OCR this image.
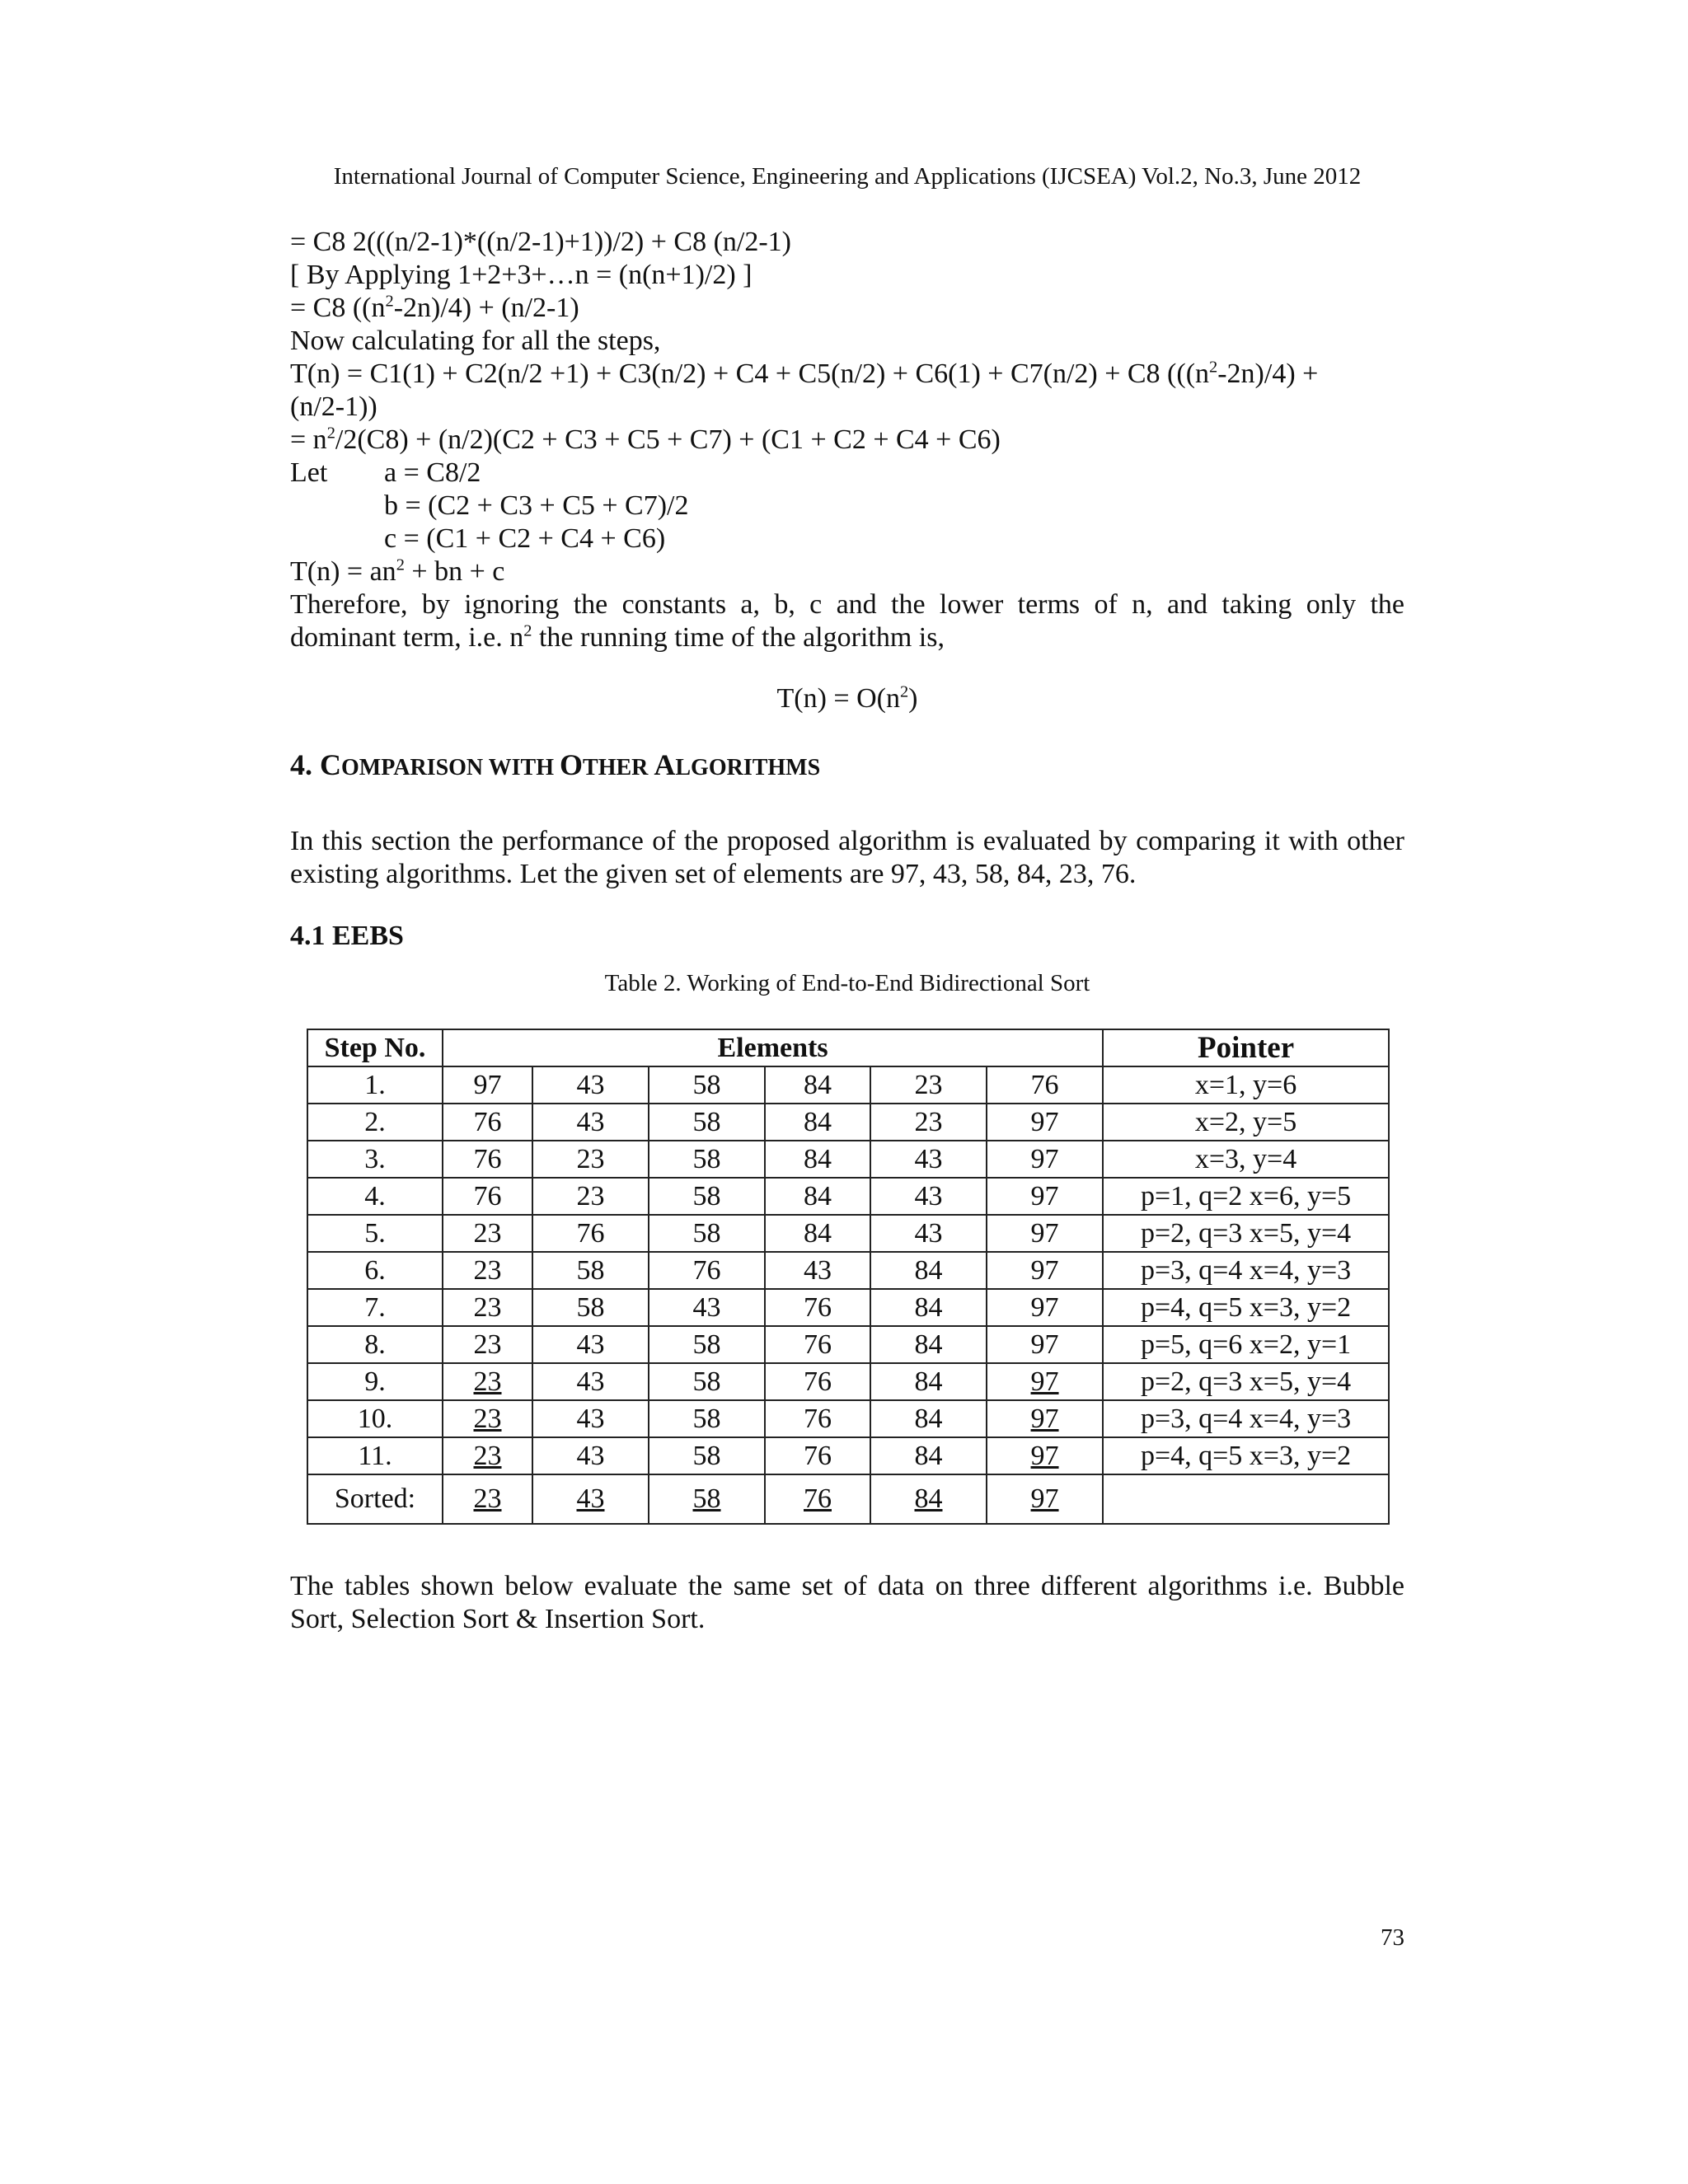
International Journal of Computer Science, Engineering and Applications (IJCSEA) Vol.2, No.3, June 2012
= C8 2(((n/2-1)*((n/2-1)+1))/2) + C8 (n/2-1)
[ By Applying 1+2+3+…n = (n(n+1)/2) ]
= C8 $((n^2-2n)/4) + (n/2-1)$
Now calculating for all the steps,
T(n) = C1(1) + C2(n/2 +1) + C3(n/2) + C4 + C5(n/2) + C6(1) + C7(n/2) + C8 ($((n^2-2n)/4)$ +
(n/2-1))
= $n^2/2(C8) + (n/2)(C2 + C3 + C5 + C7) + (C1 + C2 + C4 + C6)$
Let	a = C8/2
b = (C2 + C3 + C5 + C7)/2
c = (C1 + C2 + C4 + C6)
$T(n) = an^2$ + bn + c
Therefore, by ignoring the constants a, b, c and the lower terms of n, and taking only the
dominant term, i.e. $n^2$ the running time of the algorithm is,
$T(n) = O(n^2)$
4. COMPARISON WITH OTHER ALGORITHMS
In this section the performance of the proposed algorithm is evaluated by comparing it with other
existing algorithms. Let the given set of elements are 97, 43, 58, 84, 23, 76.
4.1 EEBS
Table 2. Working of End-to-End Bidirectional Sort
Step No.	Elements						Pointer
1.	97	43	58	84	23	76	x=1, y=6
2.	76	43	58	84	23	97	x=2, y=5
3.	76	23	58	84	43	97	x=3, y=4
4.	76	23	58	84	43	97	p=1, q=2 x=6, y=5
5.	23	76	58	84	43	97	p=2, q=3 x=5, y=4
6.	23	58	76	43	84	97	p=3, q=4 x=4, y=3
7.	23	58	43	76	84	97	p=4, q=5 x=3, y=2
8.	23	43	58	76	84	97	p=5, q=6 x=2, y=1
9.	23	43	58	76	84	97	p=2, q=3 x=5, y=4
10.	23	43	58	76	84	97	p=3, q=4 x=4, y=3
11.	23	43	58	76	84	97	p=4, q=5 x=3, y=2
Sorted:	23	43	58	76	84	97	
The tables shown below evaluate the same set of data on three different algorithms i.e. Bubble
Sort, Selection Sort & Insertion Sort.
73
